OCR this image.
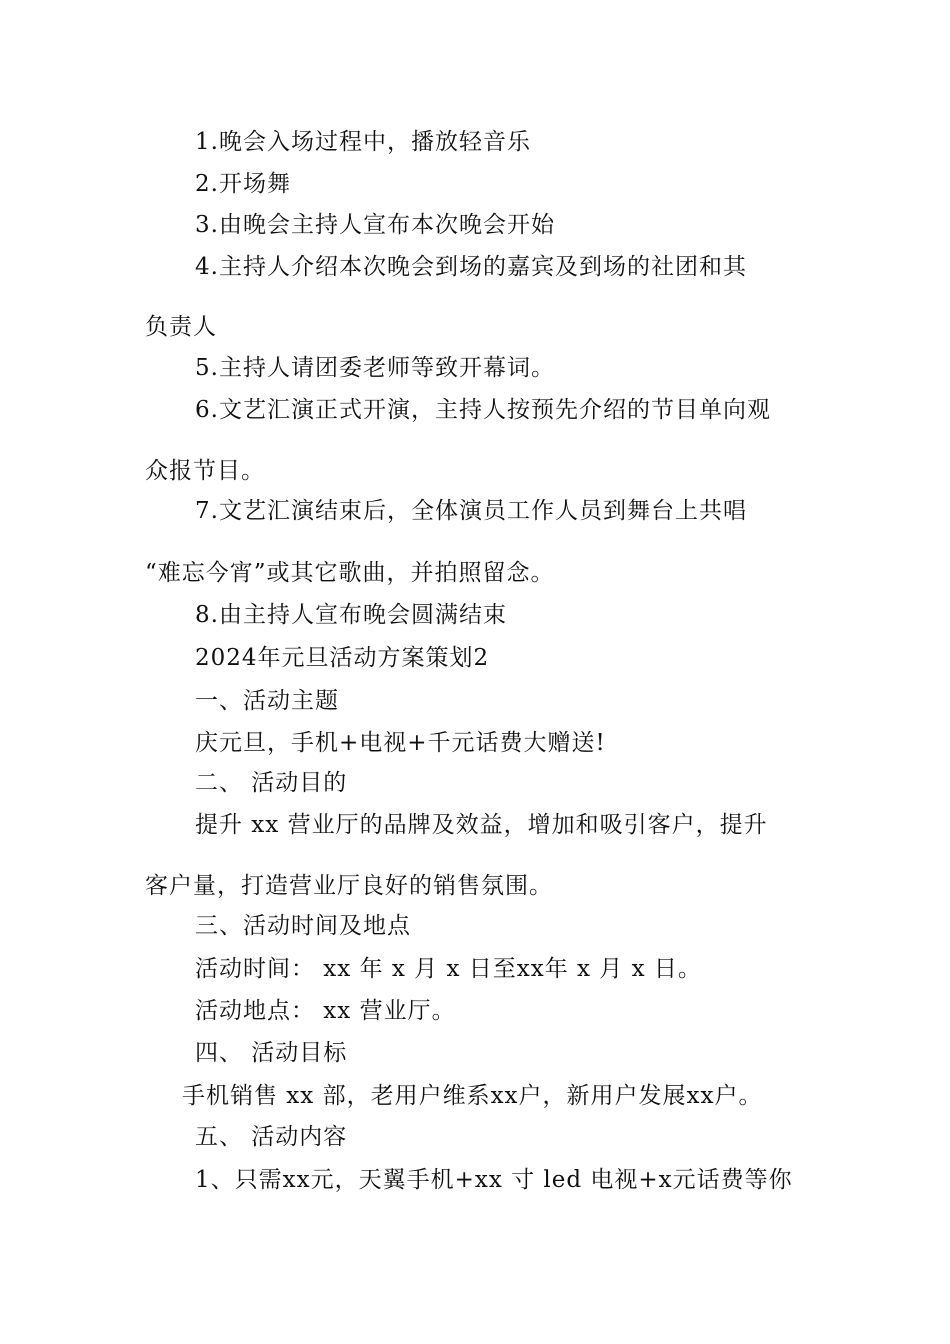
1.晚会入场过程中，播放轻音乐
2.开场舞
3.由晚会主持人宣布本次晚会开始
4.主持人介绍本次晚会到场的嘉宾及到场的社团和其
负责人
5.主持人请团委老师等致开幕词。
6.文艺汇演正式开演，主持人按预先介绍的节目单向观
众报节目。
7.文艺汇演结束后，全体演员工作人员到舞台上共唱
“难忘今宵”或其它歌曲，并拍照留念。
8.由主持人宣布晚会圆满结束
2024年元旦活动方案策划2
一、活动主题
庆元旦，手机+电视+千元话费大赠送!
二、 活动目的
提升 xx 营业厅的品牌及效益，增加和吸引客户，提升
客户量，打造营业厅良好的销售氛围。
三、活动时间及地点
活动时间： xx 年 x 月 x 日至xx年 x 月 x 日。
活动地点： xx 营业厅。
四、 活动目标
手机销售 xx 部，老用户维系xx户，新用户发展xx户。
五、 活动内容
1、只需xx元，天翼手机+xx 寸 led 电视+x元话费等你
